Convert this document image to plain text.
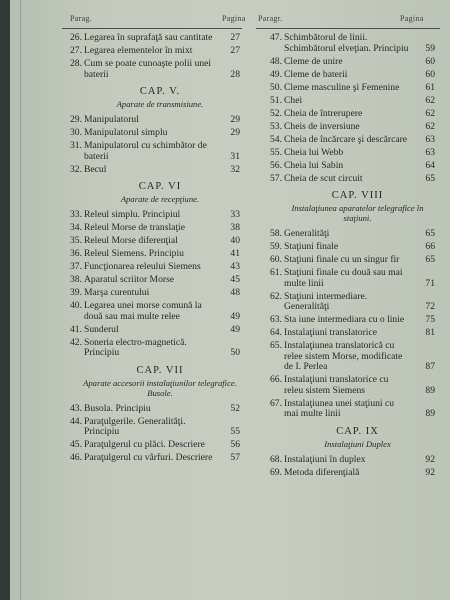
Parag.	Pagina Paragr.	Pagina
26. Legarea în suprafaţă sau cantitate	27
27. Legarea elementelor în mixt	27
28. Cum se poate cunoaşte polii unei baterii	28
CAP. V.
Aparate de transmisiune.
29. Manipulatorul	29
30. Manipulatorul simplu	29
31. Manipulatorul cu schimbător de baterii	31
32. Becul	32
CAP. VI
Aparate de recepţiune.
33. Releul simplu. Principiul	33
34. Releul Morse de translaţie	38
35. Releul Morse diferenţial	40
36. Releul Siemens. Principiu	41
37. Funcţionarea releului Siemens	43
38. Aparatul scriitor Morse	45
39. Marşa curentului	48
40. Legarea unei morse comună la două sau mai multe relee	49
41. Sunderul	49
42. Soneria electro-magnetică. Principiu	50
CAP. VII
Aparate accesorii instalaţiunilor telegrafice. Busole.
43. Busola. Principiu	52
44. Paraţulgerile. Generalităţi. Principiu	55
45. Paraţulgerul cu plăci. Descriere	56
46. Paraţulgerul cu vârfuri. Descriere	57
47. Schimbătorul de linii. Schimbătorul elveţian. Principiu	59
48. Cleme de unire	60
49. Cleme de baterii	60
50. Cleme masculine şi Femenine	61
51. Chei	62
52. Cheia de întrerupere	62
53. Cheis de inversiune	62
54. Cheia de încărcare şi descărcare	63
55. Cheia lui Webb	63
56. Cheia lui Sabin	64
57. Cheia de scut circuit	65
CAP. VIII
Instalaţiunea aparatelor telegrafice în staţiuni.
58. Generalităţi	65
59. Staţiuni finale	66
60. Staţiuni finale cu un singur fir	65
61. Staţiuni finale cu două sau mai multe linii	71
62. Staţiuni intermediare. Generalităţi	72
63. Sta iune intermediara cu o linie	75
64. Instalaţiuni translatorice	81
65. Instalaţiunea translatorică cu relee sistem Morse, modificate de I. Perlea	87
66. Instalaţiuni translatorice cu releu sistem Siemens	89
67. Instalaţiunea unei staţiuni cu mai multe linii	89
CAP. IX
Instalaţiuni Duplex
68. Instalaţiuni în duplex	92
69. Metoda diferenţială	92
